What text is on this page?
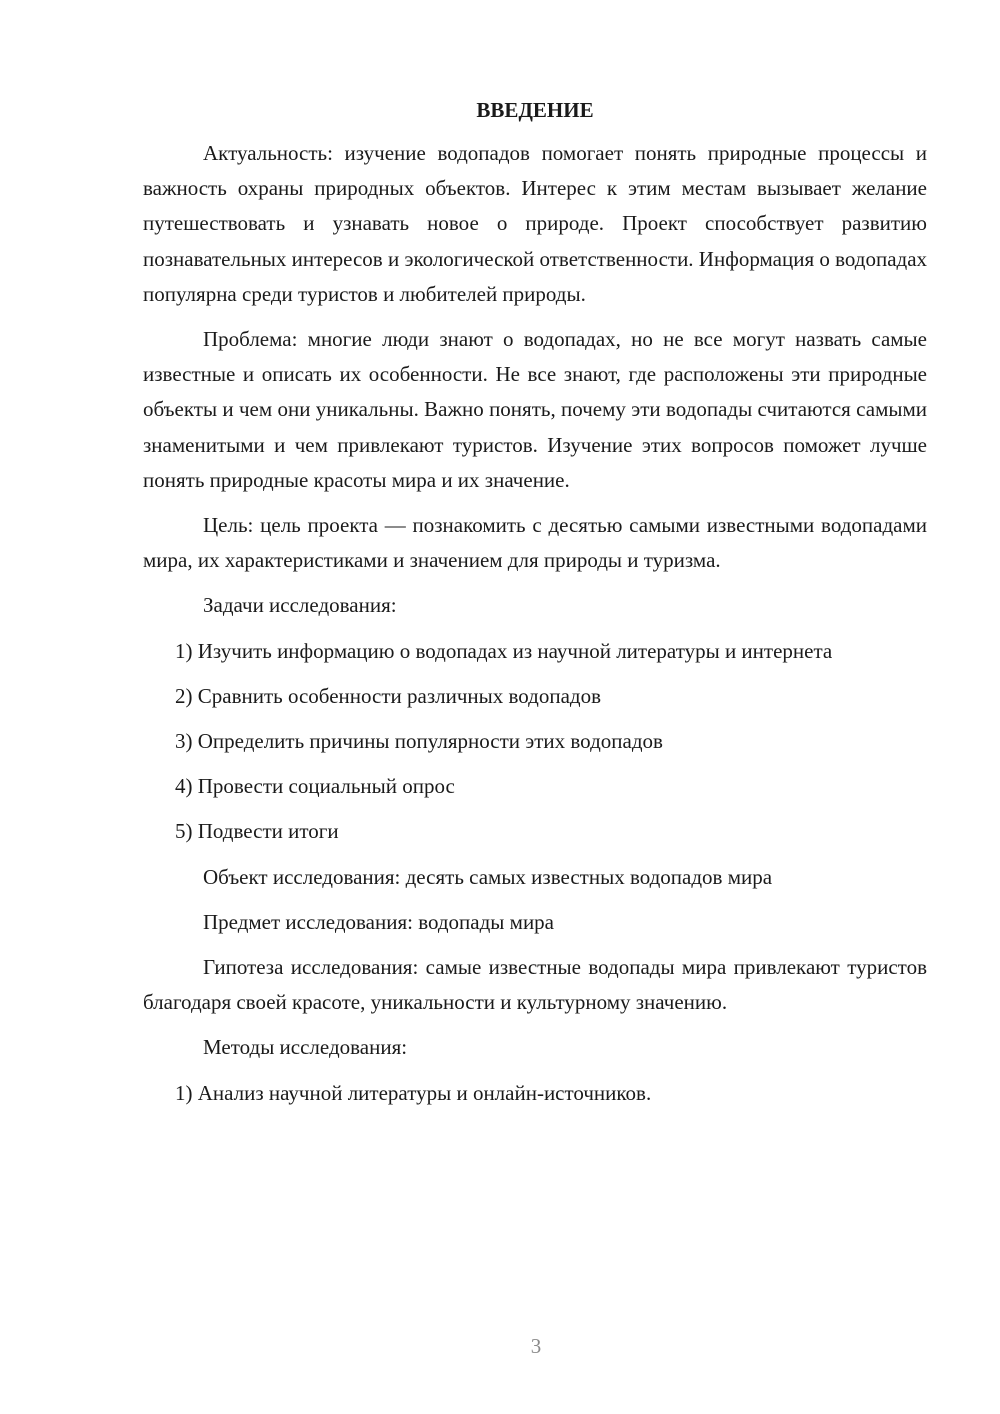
ВВЕДЕНИЕ

Актуальность: изучение водопадов помогает понять природные процессы и важность охраны природных объектов. Интерес к этим местам вызывает желание путешествовать и узнавать новое о природе. Проект способствует развитию познавательных интересов и экологической ответственности. Информация о водопадах популярна среди туристов и любителей природы.

Проблема: многие люди знают о водопадах, но не все могут назвать самые известные и описать их особенности. Не все знают, где расположены эти природные объекты и чем они уникальны. Важно понять, почему эти водопады считаются самыми знаменитыми и чем привлекают туристов. Изучение этих вопросов поможет лучше понять природные красоты мира и их значение.

Цель: цель проекта — познакомить с десятью самыми известными водопадами мира, их характеристиками и значением для природы и туризма.

Задачи исследования:

1) Изучить информацию о водопадах из научной литературы и интернета

2) Сравнить особенности различных водопадов

3) Определить причины популярности этих водопадов

4) Провести социальный опрос

5) Подвести итоги

Объект исследования: десять самых известных водопадов мира

Предмет исследования: водопады мира

Гипотеза исследования: самые известные водопады мира привлекают туристов благодаря своей красоте, уникальности и культурному значению.

Методы исследования:

1) Анализ научной литературы и онлайн-источников.

3
